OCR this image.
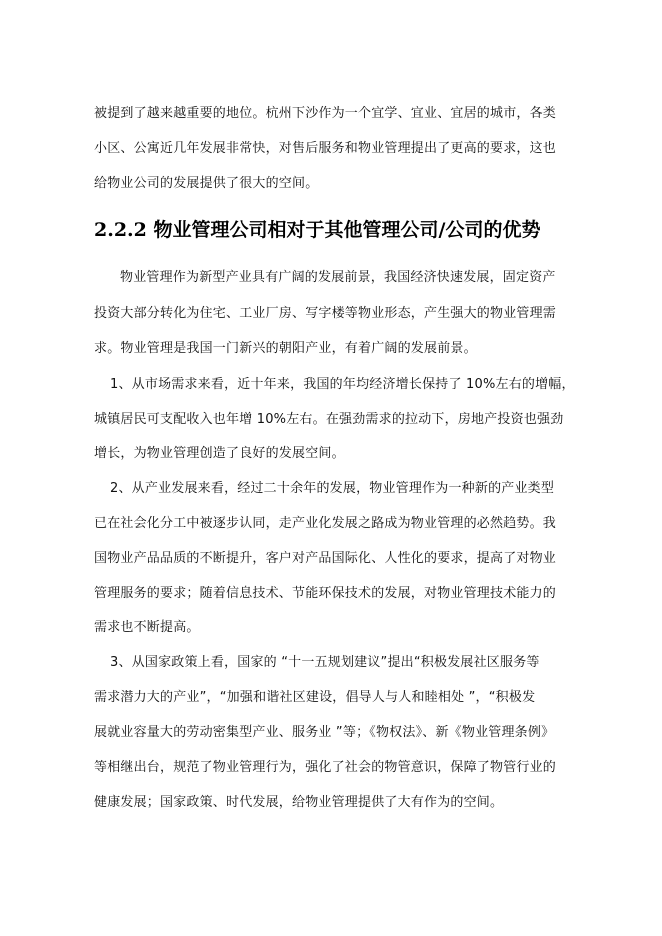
被提到了越来越重要的地位。杭州下沙作为一个宜学、宜业、宜居的城市，各类
小区、公寓近几年发展非常快，对售后服务和物业管理提出了更高的要求，这也
给物业公司的发展提供了很大的空间。
2.2.2 物业管理公司相对于其他管理公司/公司的优势
物业管理作为新型产业具有广阔的发展前景，我国经济快速发展，固定资产
投资大部分转化为住宅、工业厂房、写字楼等物业形态，产生强大的物业管理需
求。物业管理是我国一门新兴的朝阳产业，有着广阔的发展前景。
1、从市场需求来看，近十年来，我国的年均经济增长保持了 10%左右的增幅，
城镇居民可支配收入也年增 10%左右。在强劲需求的拉动下，房地产投资也强劲
增长，为物业管理创造了良好的发展空间。
2、从产业发展来看，经过二十余年的发展，物业管理作为一种新的产业类型
已在社会化分工中被逐步认同，走产业化发展之路成为物业管理的必然趋势。我
国物业产品品质的不断提升，客户对产品国际化、人性化的要求，提高了对物业
管理服务的要求；随着信息技术、节能环保技术的发展，对物业管理技术能力的
需求也不断提高。
3、从国家政策上看，国家的 “十一五规划建议”提出“积极发展社区服务等
需求潜力大的产业”，“加强和谐社区建设，倡导人与人和睦相处 ”，“积极发
展就业容量大的劳动密集型产业、服务业 ”等；《物权法》、新《物业管理条例》
等相继出台，规范了物业管理行为，强化了社会的物管意识，保障了物管行业的
健康发展；国家政策、时代发展，给物业管理提供了大有作为的空间。
